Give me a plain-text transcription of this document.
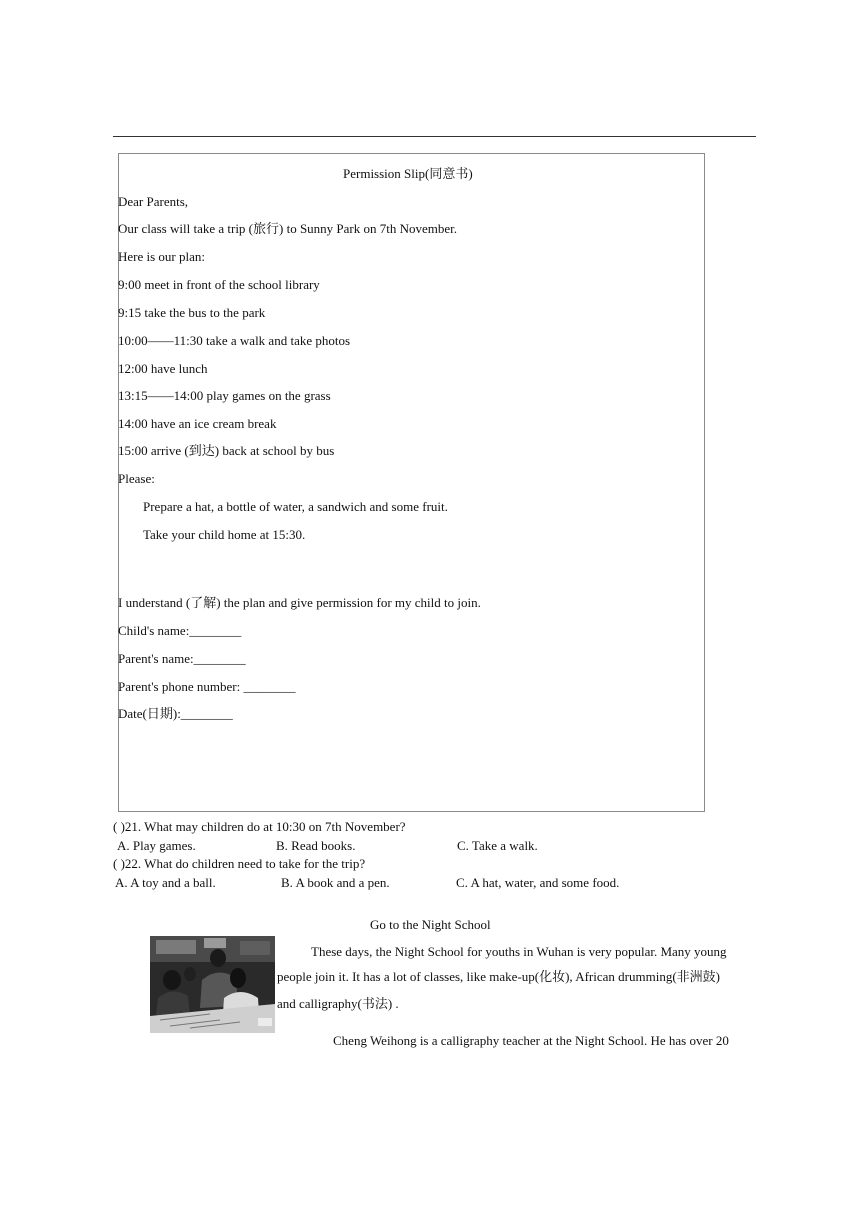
Permission Slip(同意书)
Dear Parents,
Our class will take a trip (旅行) to Sunny Park on 7th November.
Here is our plan:
9:00 meet in front of the school library
9:15 take the bus to the park
10:00——11:30 take a walk and take photos
12:00 have lunch
13:15——14:00 play games on the grass
14:00 have an ice cream break
15:00 arrive (到达) back at school by bus
Please:
Prepare a hat, a bottle of water, a sandwich and some fruit.
Take your child home at 15:30.
I understand (了解) the plan and give permission for my child to join.
Child's name:________
Parent's name:________
Parent's phone number: ________
Date(日期):________
( )21. What may children do at 10:30 on 7th November?
A. Play games.	B. Read books.	C. Take a walk.
( )22. What do children need to take for the trip?
A. A toy and a ball.	B. A book and a pen.	C. A hat, water, and some food.
Go to the Night School
These days, the Night School for youths in Wuhan is very popular. Many young
people join it. It has a lot of classes, like make-up(化妆), African drumming(非洲鼓)
and calligraphy(书法) .
Cheng Weihong is a calligraphy teacher at the Night School. He has over 20
